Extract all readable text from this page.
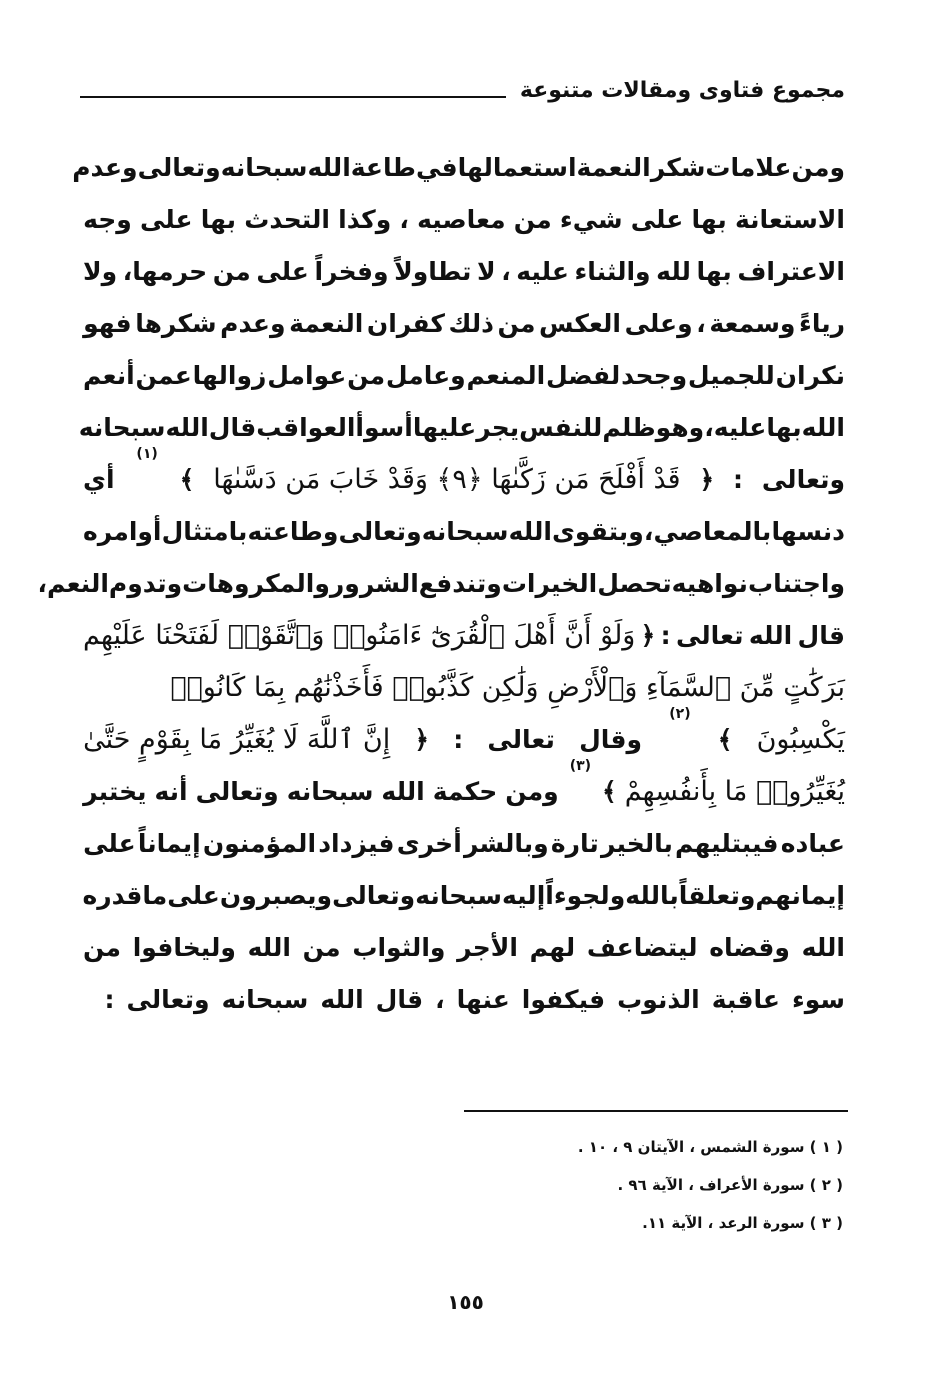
مجموع فتاوى ومقالات متنوعة
ومن
علامات
شكر
النعمة
استعمالها
في
طاعة
الله
سبحانه
وتعالى
وعدم
الاستعانة
بها
على
شيء
من
معاصيه
،
وكذا
التحدث
بها
على
وجه
الاعتراف
بها
لله
والثناء
عليه
،
لا
تطاولاً
وفخراً
على
من
حرمها،
ولا
رياءً
وسمعة
،
وعلى
العكس
من
ذلك
كفران
النعمة
وعدم
شكرها
فهو
نكران
للجميل
وجحد
لفضل
المنعم
وعامل
من
عوامل
زوالها
عمن
أنعم
الله
بها
عليه
،
وهو
ظلم
للنفس
يجر
عليها
أسوأ
العواقب
قال
الله
سبحانه
وتعالى
:
﴿
قَدْ أَفْلَحَ مَن زَكَّىٰهَا ﴿٩﴾ وَقَدْ خَابَ مَن دَسَّىٰهَا
﴾
(١)
أي
دنسها
بالمعاصي
،
وبتقوى
الله
سبحانه
وتعالى
وطاعته
بامتثال
أوامره
واجتناب
نواهيه
تحصل
الخيرات
وتندفع
الشرور
والمكروهات
وتدوم
النعم،
قال
الله
تعالى
:
﴿
وَلَوْ أَنَّ أَهْلَ ٱلْقُرَىٰٓ ءَامَنُوا۟ وَٱتَّقَوْا۟ لَفَتَحْنَا عَلَيْهِم
بَرَكَٰتٍ مِّنَ ٱلسَّمَآءِ وَٱلْأَرْضِ وَلَٰكِن كَذَّبُوا۟ فَأَخَذْنَٰهُم بِمَا كَانُوا۟
يَكْسِبُونَ
﴾
(٢)
وقال
تعالى
:
﴿
إِنَّ ٱللَّهَ لَا يُغَيِّرُ مَا بِقَوْمٍ حَتَّىٰ
يُغَيِّرُوا۟ مَا بِأَنفُسِهِمْ
﴾
(٣)
ومن
حكمة
الله
سبحانه
وتعالى
أنه
يختبر
عباده
فيبتليهم
بالخير
تارة
وبالشر
أخرى
فيزداد
المؤمنون
إيماناً
على
إيمانهم
وتعلقاً
بالله
ولجوءاً
إليه
سبحانه
وتعالى
ويصبرون
على
ما
قدره
الله
وقضاه
ليتضاعف
لهم
الأجر
والثواب
من
الله
وليخافوا
من
سوء
عاقبة
الذنوب
فيكفوا
عنها
،
قال
الله
سبحانه
وتعالى
:
( ١ ) سورة الشمس ، الآيتان ٩ ، ١٠ .
( ٢ ) سورة الأعراف ، الآية ٩٦ .
( ٣ ) سورة الرعد ، الآية ١١.
١٥٥
